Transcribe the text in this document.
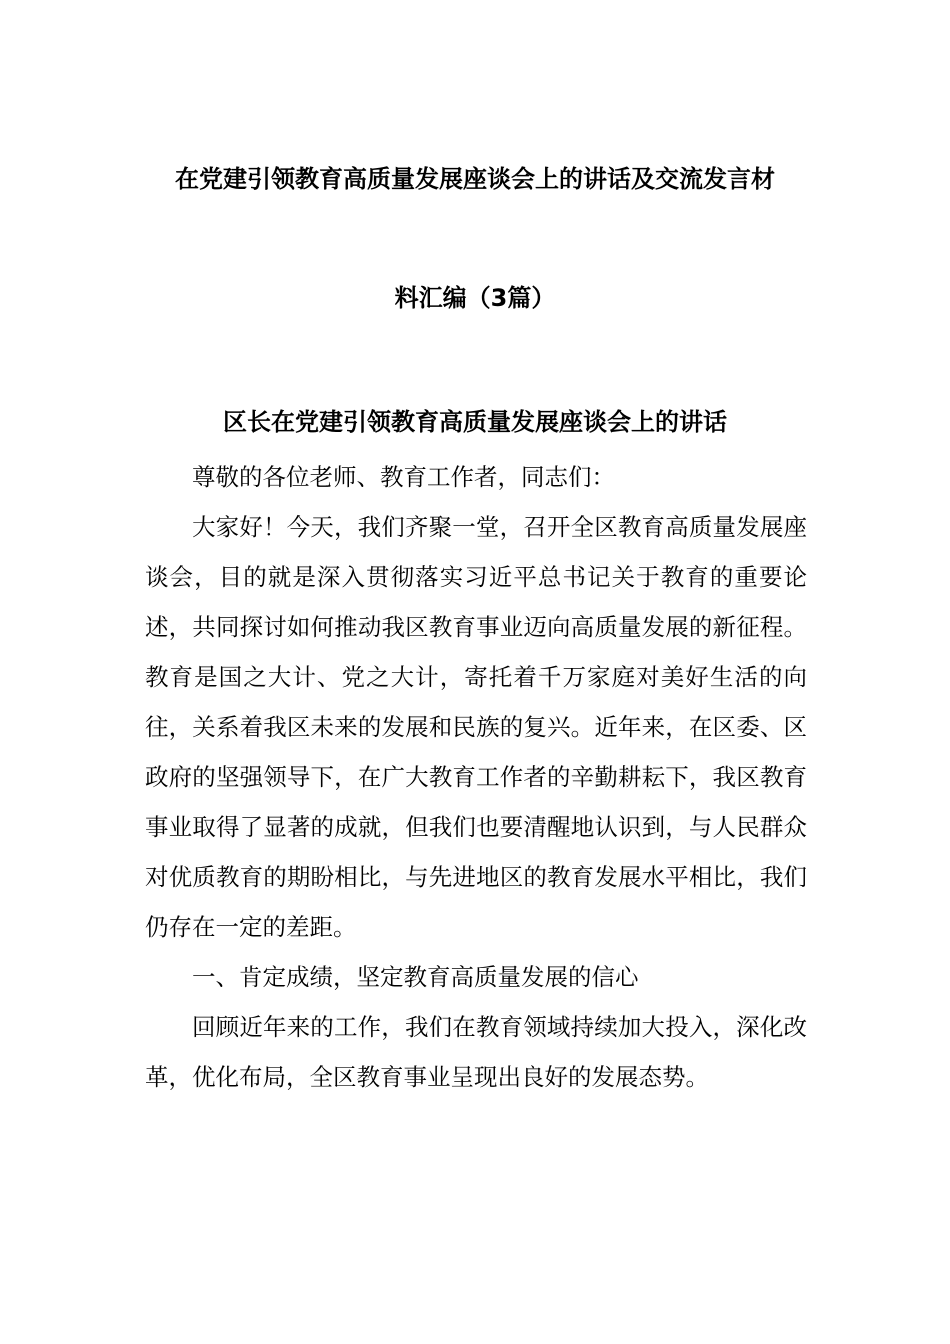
在党建引领教育高质量发展座谈会上的讲话及交流发言材
料汇编（3篇）
区长在党建引领教育高质量发展座谈会上的讲话

尊敬的各位老师、教育工作者，同志们：

大家好！今天，我们齐聚一堂，召开全区教育高质量发展座谈会，目的就是深入贯彻落实习近平总书记关于教育的重要论述，共同探讨如何推动我区教育事业迈向高质量发展的新征程。教育是国之大计、党之大计，寄托着千万家庭对美好生活的向往，关系着我区未来的发展和民族的复兴。近年来，在区委、区政府的坚强领导下，在广大教育工作者的辛勤耕耘下，我区教育事业取得了显著的成就，但我们也要清醒地认识到，与人民群众对优质教育的期盼相比，与先进地区的教育发展水平相比，我们仍存在一定的差距。

一、肯定成绩，坚定教育高质量发展的信心

回顾近年来的工作，我们在教育领域持续加大投入，深化改革，优化布局，全区教育事业呈现出良好的发展态势。
